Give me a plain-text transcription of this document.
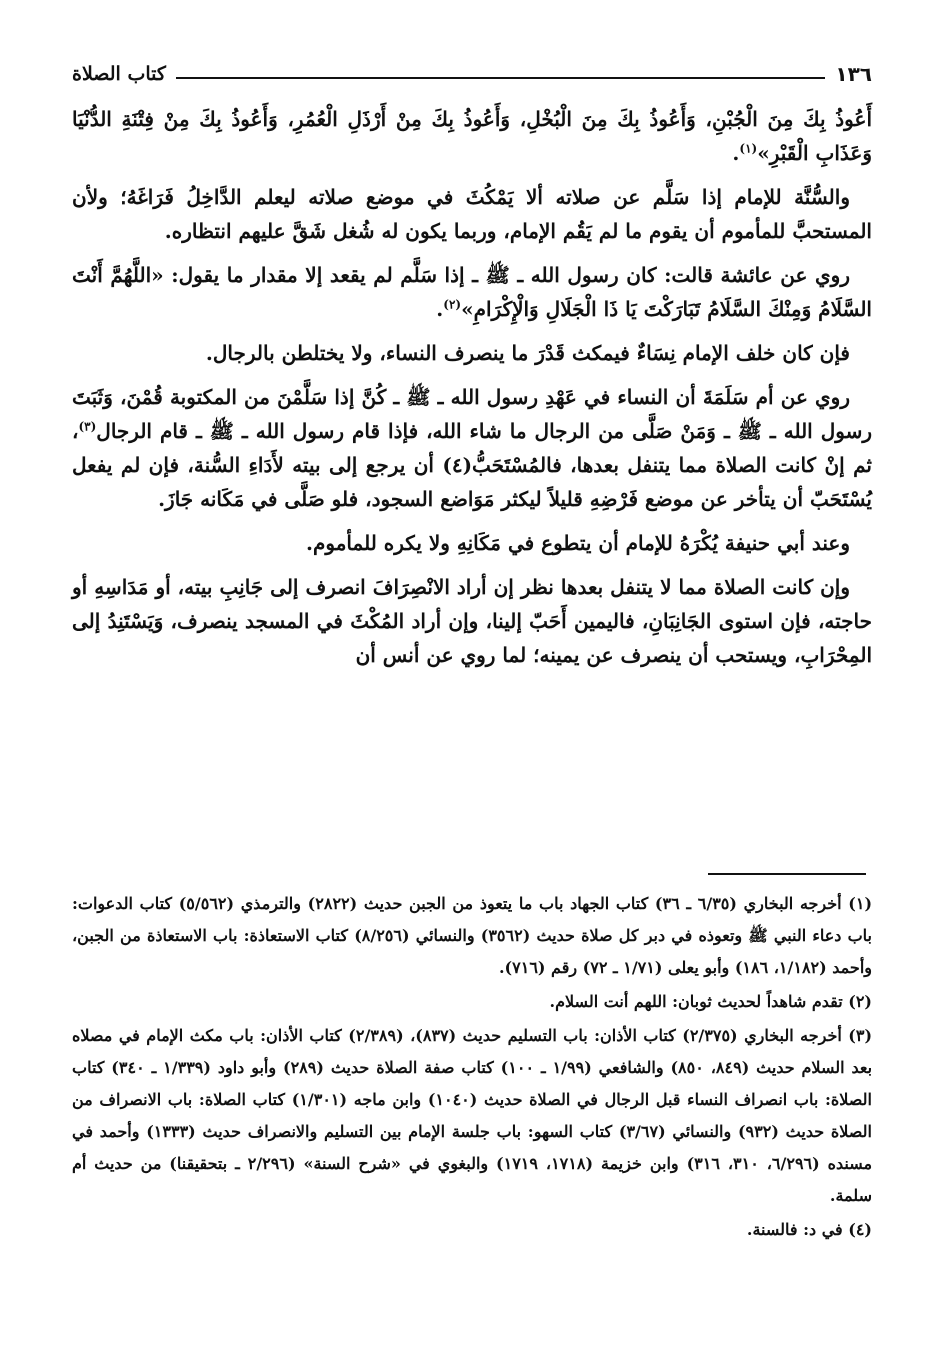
١٣٦
كتاب الصلاة

أَعُوذُ بِكَ مِنَ الْجُبْنِ، وَأَعُوذُ بِكَ مِنَ الْبُخْلِ، وَأَعُوذُ بِكَ مِنْ أَرْذَلِ الْعُمُرِ، وَأَعُوذُ بِكَ مِنْ فِتْنَةِ الدُّنْيَا وَعَذَابِ الْقَبْرِ»$^{(١)}$.

والسُّنَّة للإمام إذا سَلَّم عن صلاته ألا يَمْكُثَ في موضع صلاته ليعلم الدَّاخِلُ فَرَاغَهُ؛ ولأن المستحبَّ للمأموم أن يقوم ما لم يَقُم الإمام، وربما يكون له شُغل شَقَّ عليهم انتظاره.

روي عن عائشة قالت: كان رسول الله ـ ﷺ ـ إذا سَلَّم لم يقعد إلا مقدار ما يقول: «اللَّهُمَّ أَنْتَ السَّلَامُ وَمِنْكَ السَّلَامُ تَبَارَكْتَ يَا ذَا الْجَلَالِ وَالْإِكْرَامِ»$^{(٢)}$.

فإن كان خلف الإمام نِسَاءٌ فيمكث قَدْرَ ما ينصرف النساء، ولا يختلطن بالرجال.

روي عن أم سَلَمَةَ أن النساء في عَهْدِ رسول الله ـ ﷺ ـ كُنَّ إذا سَلَّمْنَ من المكتوبة قُمْنَ، وَثَبَتَ رسول الله ـ ﷺ ـ وَمَنْ صَلَّى من الرجال ما شاء الله، فإذا قام رسول الله ـ ﷺ ـ قام الرجال$^{(٣)}$، ثم إنْ كانت الصلاة مما يتنفل بعدها، فالمُسْتَحَبُّ(٤) أن يرجع إلى بيته لأَدَاءِ السُّنة، فإن لم يفعل يُسْتَحَبّ أن يتأخر عن موضع فَرْضِهِ قليلاً ليكثر مَوَاضع السجود، فلو صَلَّى في مَكَانه جَازَ.

وعند أبي حنيفة يُكْرَهُ للإمام أن يتطوع في مَكَانِهِ ولا يكره للمأموم.

وإن كانت الصلاة مما لا يتنفل بعدها نظر إن أراد الانْصِرَافَ انصرف إلى جَانِبِ بيته، أو مَدَاسِهِ أو حاجته، فإن استوى الجَانِبَانِ، فاليمين أَحَبّ إلينا، وإن أراد المُكْثَ في المسجد ينصرف، وَيَسْتَنِدُ إلى المِحْرَابِ، ويستحب أن ينصرف عن يمينه؛ لما روي عن أنس أن

(١) أخرجه البخاري (٦/٣٥ ـ ٣٦) كتاب الجهاد باب ما يتعوذ من الجبن حديث (٢٨٢٢) والترمذي (٥/٥٦٢) كتاب الدعوات: باب دعاء النبي ﷺ وتعوذه في دبر كل صلاة حديث (٣٥٦٢) والنسائي (٨/٢٥٦) كتاب الاستعاذة: باب الاستعاذة من الجبن، وأحمد (١/١٨٢، ١٨٦) وأبو يعلى (١/٧١ ـ ٧٢) رقم (٧١٦).

(٢) تقدم شاهداً لحديث ثوبان: اللهم أنت السلام.

(٣) أخرجه البخاري (٢/٣٧٥) كتاب الأذان: باب التسليم حديث (٨٣٧)، (٢/٣٨٩) كتاب الأذان: باب مكث الإمام في مصلاه بعد السلام حديث (٨٤٩، ٨٥٠) والشافعي (١/٩٩ ـ ١٠٠) كتاب صفة الصلاة حديث (٢٨٩) وأبو داود (١/٣٣٩ ـ ٣٤٠) كتاب الصلاة: باب انصراف النساء قبل الرجال في الصلاة حديث (١٠٤٠) وابن ماجه (١/٣٠١) كتاب الصلاة: باب الانصراف من الصلاة حديث (٩٣٢) والنسائي (٣/٦٧) كتاب السهو: باب جلسة الإمام بين التسليم والانصراف حديث (١٣٣٣) وأحمد في مسنده (٦/٢٩٦، ٣١٠، ٣١٦) وابن خزيمة (١٧١٨، ١٧١٩) والبغوي في «شرح السنة» (٢/٢٩٦ ـ بتحقيقنا) من حديث أم سلمة.

(٤) في د: فالسنة.
